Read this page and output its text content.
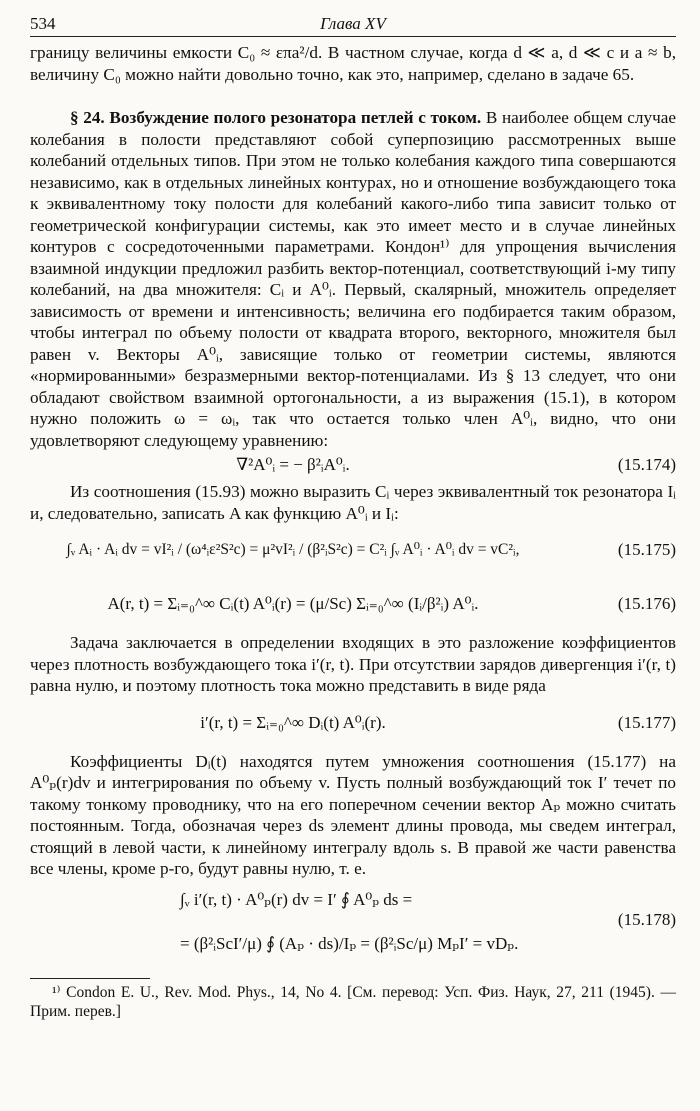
534	Глава XV

границу величины емкости C₀ ≈ επa²/d. В частном случае, когда d ≪ a, d ≪ c и a ≈ b, величину C₀ можно найти довольно точно, как это, например, сделано в задаче 65.

§ 24. Возбуждение полого резонатора петлей с током. В наиболее общем случае колебания в полости представляют собой суперпозицию рассмотренных выше колебаний отдельных типов. При этом не только колебания каждого типа совершаются независимо, как в отдельных линейных контурах, но и отношение возбуждающего тока к эквивалентному току полости для колебаний какого-либо типа зависит только от геометрической конфигурации системы, как это имеет место и в случае линейных контуров с сосредоточенными параметрами. Кондон¹⁾ для упрощения вычисления взаимной индукции предложил разбить вектор-потенциал, соответствующий i-му типу колебаний, на два множителя: Cᵢ и A⁰ᵢ. Первый, скалярный, множитель определяет зависимость от времени и интенсивность; величина его подбирается таким образом, чтобы интеграл по объему полости от квадрата второго, векторного, множителя был равен v. Векторы A⁰ᵢ, зависящие только от геометрии системы, являются «нормированными» безразмерными вектор-потенциалами. Из § 13 следует, что они обладают свойством взаимной ортогональности, а из выражения (15.1), в котором нужно положить ω = ωᵢ, так что остается только член A⁰ᵢ, видно, что они удовлетворяют следующему уравнению:

∇²A⁰ᵢ = − β²ᵢA⁰ᵢ.	(15.174)

Из соотношения (15.93) можно выразить Cᵢ через эквивалентный ток резонатора Iᵢ и, следовательно, записать A как функцию A⁰ᵢ и Iᵢ:

∫ᵥ Aᵢ · Aᵢ dv = vI²ᵢ / (ω⁴ᵢε²S²c) = μ²vI²ᵢ / (β²ᵢS²c) = C²ᵢ ∫ᵥ A⁰ᵢ · A⁰ᵢ dv = vC²ᵢ,	(15.175)
A(r, t) = Σᵢ₌₀^∞ Cᵢ(t) A⁰ᵢ(r) = (μ/Sc) Σᵢ₌₀^∞ (Iᵢ/β²ᵢ) A⁰ᵢ.	(15.176)

Задача заключается в определении входящих в это разложение коэффициентов через плотность возбуждающего тока i′(r, t). При отсутствии зарядов дивергенция i′(r, t) равна нулю, и поэтому плотность тока можно представить в виде ряда

i′(r, t) = Σᵢ₌₀^∞ Dᵢ(t) A⁰ᵢ(r).	(15.177)

Коэффициенты Dᵢ(t) находятся путем умножения соотношения (15.177) на A⁰ₚ(r)dv и интегрирования по объему v. Пусть полный возбуждающий ток I′ течет по такому тонкому проводнику, что на его поперечном сечении вектор Aₚ можно считать постоянным. Тогда, обозначая через ds элемент длины провода, мы сведем интеграл, стоящий в левой части, к линейному интегралу вдоль s. В правой же части равенства все члены, кроме p-го, будут равны нулю, т. е.

∫ᵥ i′(r, t) · A⁰ₚ(r) dv = I′ ∮ A⁰ₚ ds =
= (β²ᵢScI′/μ) ∮ (Aₚ · ds)/Iₚ = (β²ᵢSc/μ) MₚI′ = vDₚ.
(15.178)

¹⁾ Condon E. U., Rev. Mod. Phys., 14, No 4. [См. перевод: Усп. Физ. Наук, 27, 211 (1945). — Прим. перев.]
